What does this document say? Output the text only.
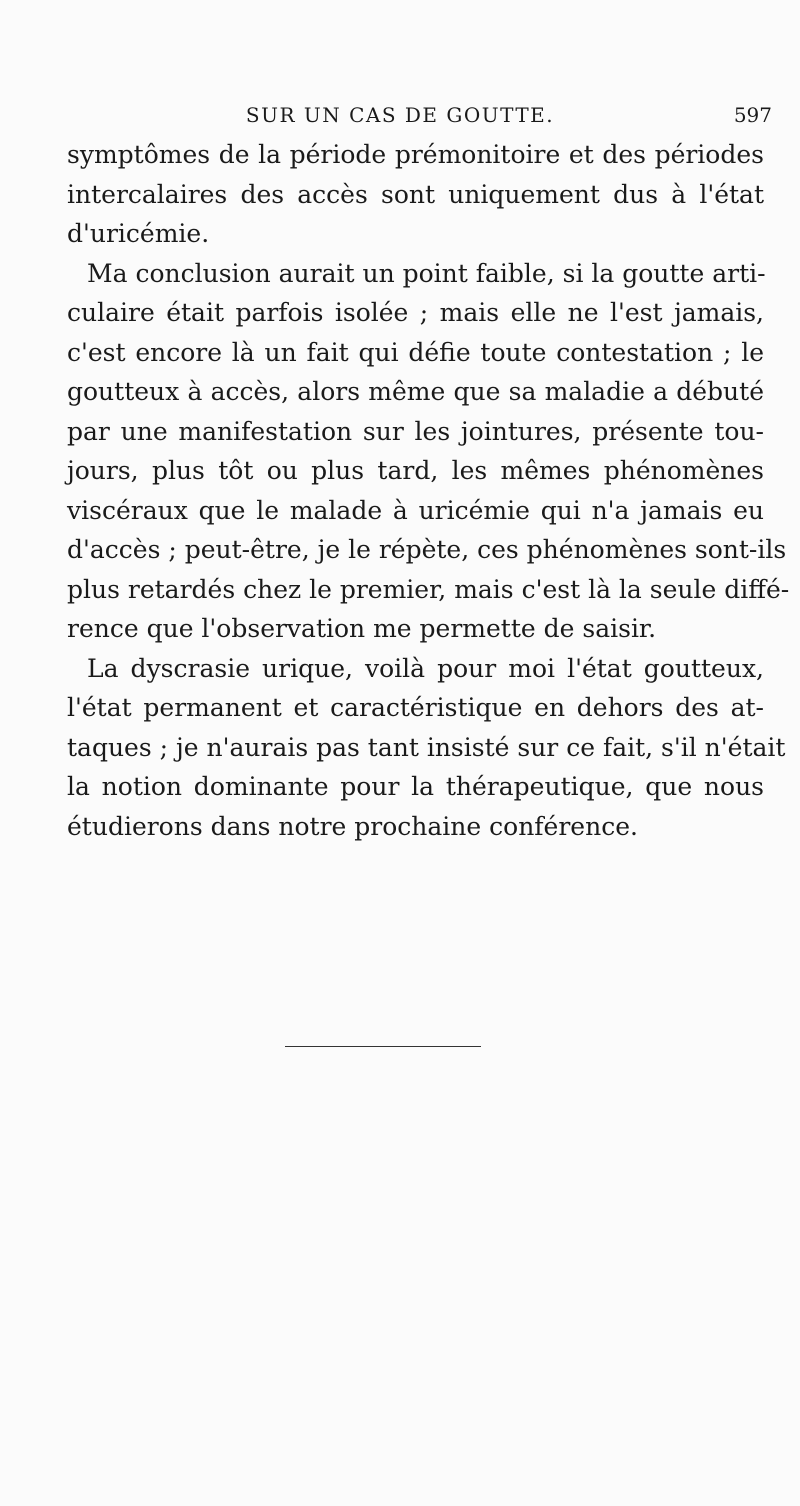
SUR UN CAS DE GOUTTE.	597
symptômes de la période prémonitoire et des périodes
intercalaires des accès sont uniquement dus à l'état
d'uricémie.
Ma conclusion aurait un point faible, si la goutte arti-
culaire était parfois isolée ; mais elle ne l'est jamais,
c'est encore là un fait qui défie toute contestation ; le
goutteux à accès, alors même que sa maladie a débuté
par une manifestation sur les jointures, présente tou-
jours, plus tôt ou plus tard, les mêmes phénomènes
viscéraux que le malade à uricémie qui n'a jamais eu
d'accès ; peut-être, je le répète, ces phénomènes sont-ils
plus retardés chez le premier, mais c'est là la seule diffé-
rence que l'observation me permette de saisir.
La dyscrasie urique, voilà pour moi l'état goutteux,
l'état permanent et caractéristique en dehors des at-
taques ; je n'aurais pas tant insisté sur ce fait, s'il n'était
la notion dominante pour la thérapeutique, que nous
étudierons dans notre prochaine conférence.
